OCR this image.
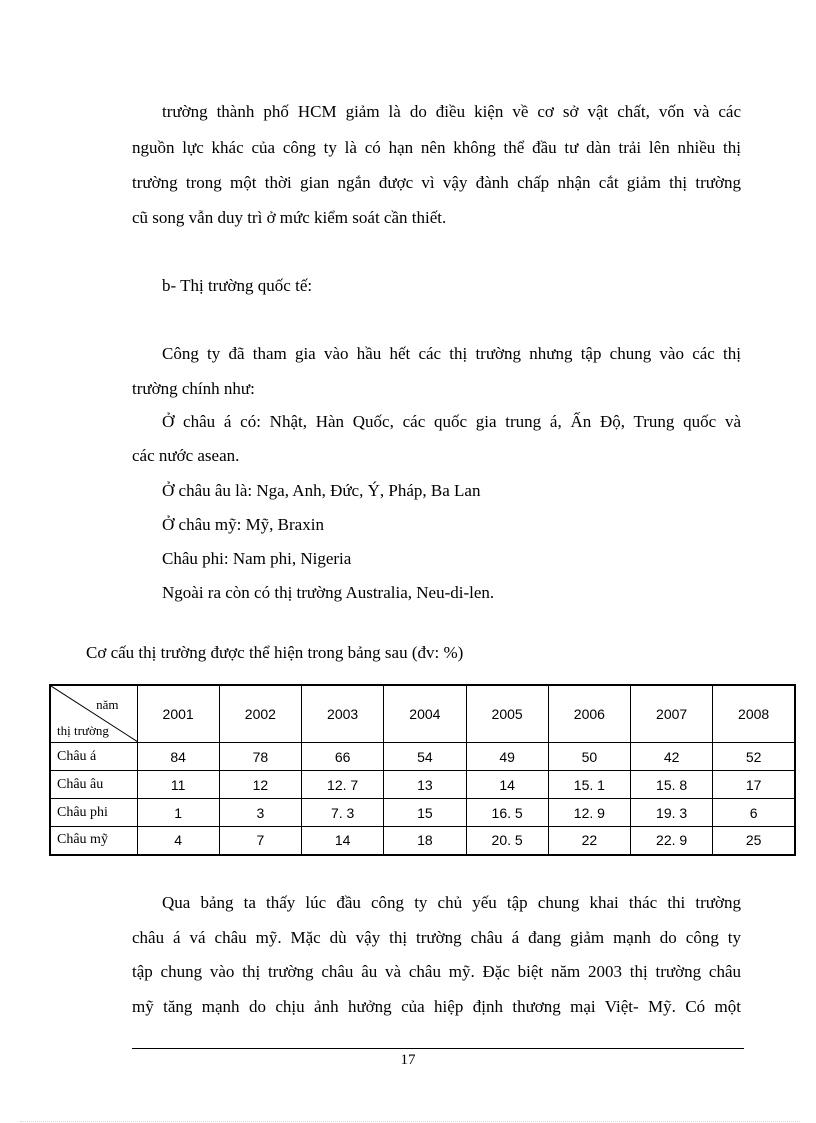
trường thành phố HCM giảm là do điều kiện về cơ sở vật chất, vốn và các
nguồn lực khác của công ty là có hạn nên không thể đầu tư dàn trải lên nhiều thị
trường trong một thời gian ngắn được vì vậy đành chấp nhận cắt giảm thị trường
cũ song vẫn duy trì ở mức kiểm soát cần thiết.
b- Thị trường quốc tế:
Công ty đã tham gia vào hầu hết các thị trường nhưng tập chung vào các thị
trường chính như:
Ở châu á có: Nhật, Hàn Quốc, các quốc gia trung á, Ấn Độ, Trung quốc và
các nước asean.
Ở châu âu là: Nga, Anh, Đức, Ý, Pháp, Ba Lan
Ở châu mỹ: Mỹ, Braxin
Châu phi: Nam phi, Nigeria
Ngoài ra còn có thị trường Australia, Neu-di-len.
Cơ cấu thị trường được thể hiện trong bảng sau (đv: %)
năm
thị trường	2001	2002	2003	2004	2005	2006	2007	2008
Châu á	84	78	66	54	49	50	42	52
Châu âu	11	12	12. 7	13	14	15. 1	15. 8	17
Châu phi	1	3	7. 3	15	16. 5	12. 9	19. 3	6
Châu mỹ	4	7	14	18	20. 5	22	22. 9	25
Qua bảng ta thấy lúc đầu công ty chủ yếu tập chung khai thác thi trường
châu á vá châu mỹ. Mặc dù vậy thị trường châu á đang giảm mạnh do công ty
tập chung vào thị trường châu âu và châu mỹ. Đặc biệt năm 2003 thị trường châu
mỹ tăng mạnh do chịu ảnh hưởng của hiệp định thương mại Việt- Mỹ. Có một
17
